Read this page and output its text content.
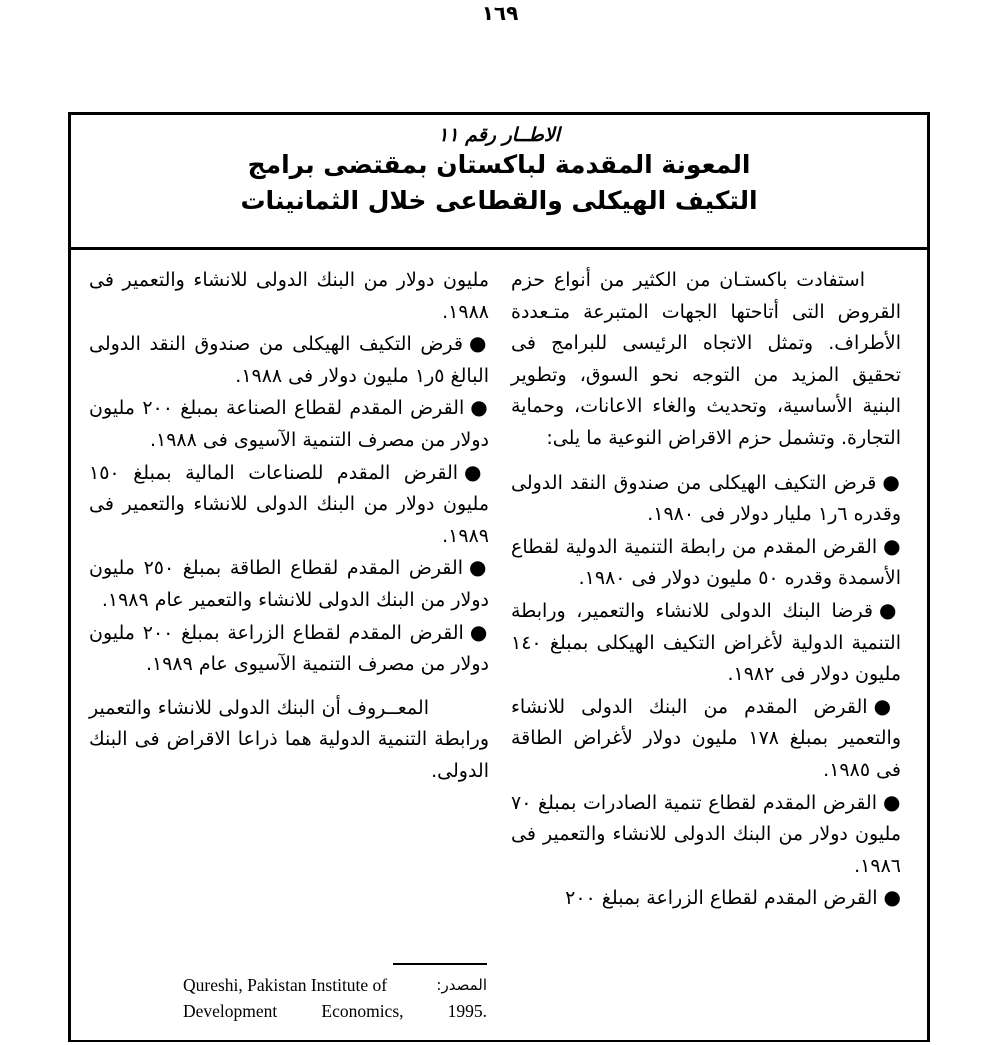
١٦٩
الاطــار رقم ١١
المعونة المقدمة لباكستان بمقتضى برامج
التكيف الهيكلى والقطاعى خلال الثمانينات

استفادت باكستـان من الكثير من أنواع حزم القروض التى أتاحتها الجهات المتبرعة متـعددة الأطراف. وتمثل الاتجاه الرئيسى للبرامج فى تحقيق المزيد من التوجه نحو السوق، وتطوير البنية الأساسية، وتحديث والغاء الاعانات، وحماية التجارة. وتشمل حزم الاقراض النوعية ما يلى:

●قرض التكيف الهيكلى من صندوق النقد الدولى وقدره ٦ر١ مليار دولار فى ١٩٨٠.

●القرض المقدم من رابطة التنمية الدولية لقطاع الأسمدة وقدره ٥٠ مليون دولار فى ١٩٨٠.

●قرضا البنك الدولى للانشاء والتعمير، ورابطة التنمية الدولية لأغراض التكيف الهيكلى بمبلغ ١٤٠ مليون دولار فى ١٩٨٢.

●القرض المقدم من البنك الدولى للانشاء والتعمير بمبلغ ١٧٨ مليون دولار لأغراض الطاقة فى ١٩٨٥.

●القرض المقدم لقطاع تنمية الصادرات بمبلغ ٧٠ مليون دولار من البنك الدولى للانشاء والتعمير فى ١٩٨٦.

●القرض المقدم لقطاع الزراعة بمبلغ ٢٠٠

مليون دولار من البنك الدولى للانشاء والتعمير فى ١٩٨٨.

●قرض التكيف الهيكلى من صندوق النقد الدولى البالغ ٥ر١ مليون دولار فى ١٩٨٨.

●القرض المقدم لقطاع الصناعة بمبلغ ٢٠٠ مليون دولار من مصرف التنمية الآسيوى فى ١٩٨٨.

●القرض المقدم للصناعات المالية بمبلغ ١٥٠ مليون دولار من البنك الدولى للانشاء والتعمير فى ١٩٨٩.

●القرض المقدم لقطاع الطاقة بمبلغ ٢٥٠ مليون دولار من البنك الدولى للانشاء والتعمير عام ١٩٨٩.

●القرض المقدم لقطاع الزراعة بمبلغ ٢٠٠ مليون دولار من مصرف التنمية الآسيوى عام ١٩٨٩.

المعــروف أن البنك الدولى للانشاء والتعمير ورابطة التنمية الدولية هما ذراعا الاقراض فى البنك الدولى.

Qureshi, Pakistan Institute of	المصدر:
Development	Economics,	1995.
